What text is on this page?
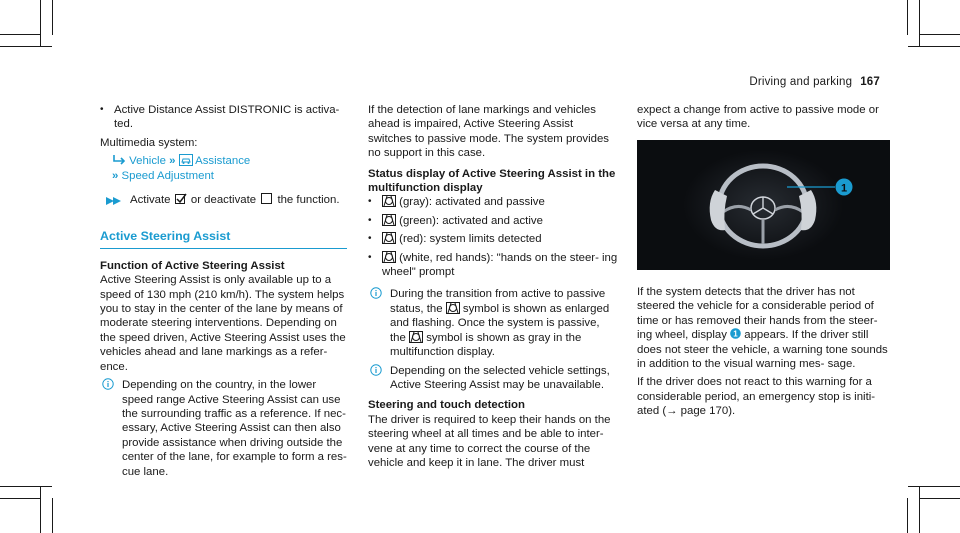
Driving and parking 167
• Active Distance Assist DISTRONIC is activa- ted.

Multimedia system:

Vehicle » Assistance
» Speed Adjustment
Activate or deactivate the function.
Active Steering Assist
Function of Active Steering Assist

Active Steering Assist is only available up to a speed of 130 mph (210 km/h). The system helps you to stay in the center of the lane by means of moderate steering interventions. Depending on the speed driven, Active Steering Assist uses the vehicles ahead and lane markings as a refer- ence.

Depending on the country, in the lower speed range Active Steering Assist can use the surrounding traffic as a reference. If nec- essary, Active Steering Assist can then also provide assistance when driving outside the center of the lane, for example to form a res- cue lane.

If the detection of lane markings and vehicles ahead is impaired, Active Steering Assist switches to passive mode. The system provides no support in this case.

Status display of Active Steering Assist in the multifunction display
• (gray): activated and passive
• (green): activated and active
• (red): system limits detected
• (white, red hands): "hands on the steer- ing wheel" prompt
During the transition from active to passive status, the symbol is shown as enlarged and flashing. Once the system is passive, the symbol is shown as gray in the multifunction display.
Depending on the selected vehicle settings, Active Steering Assist may be unavailable.
Steering and touch detection

The driver is required to keep their hands on the steering wheel at all times and be able to inter- vene at any time to correct the course of the vehicle and keep it in lane. The driver must

expect a change from active to passive mode or vice versa at any time.

1

If the system detects that the driver has not steered the vehicle for a considerable period of time or has removed their hands from the steer- ing wheel, display 1 appears. If the driver still does not steer the vehicle, a warning tone sounds in addition to the visual warning mes- sage.

If the driver does not react to this warning for a considerable period, an emergency stop is initi- ated (→ page 170).
